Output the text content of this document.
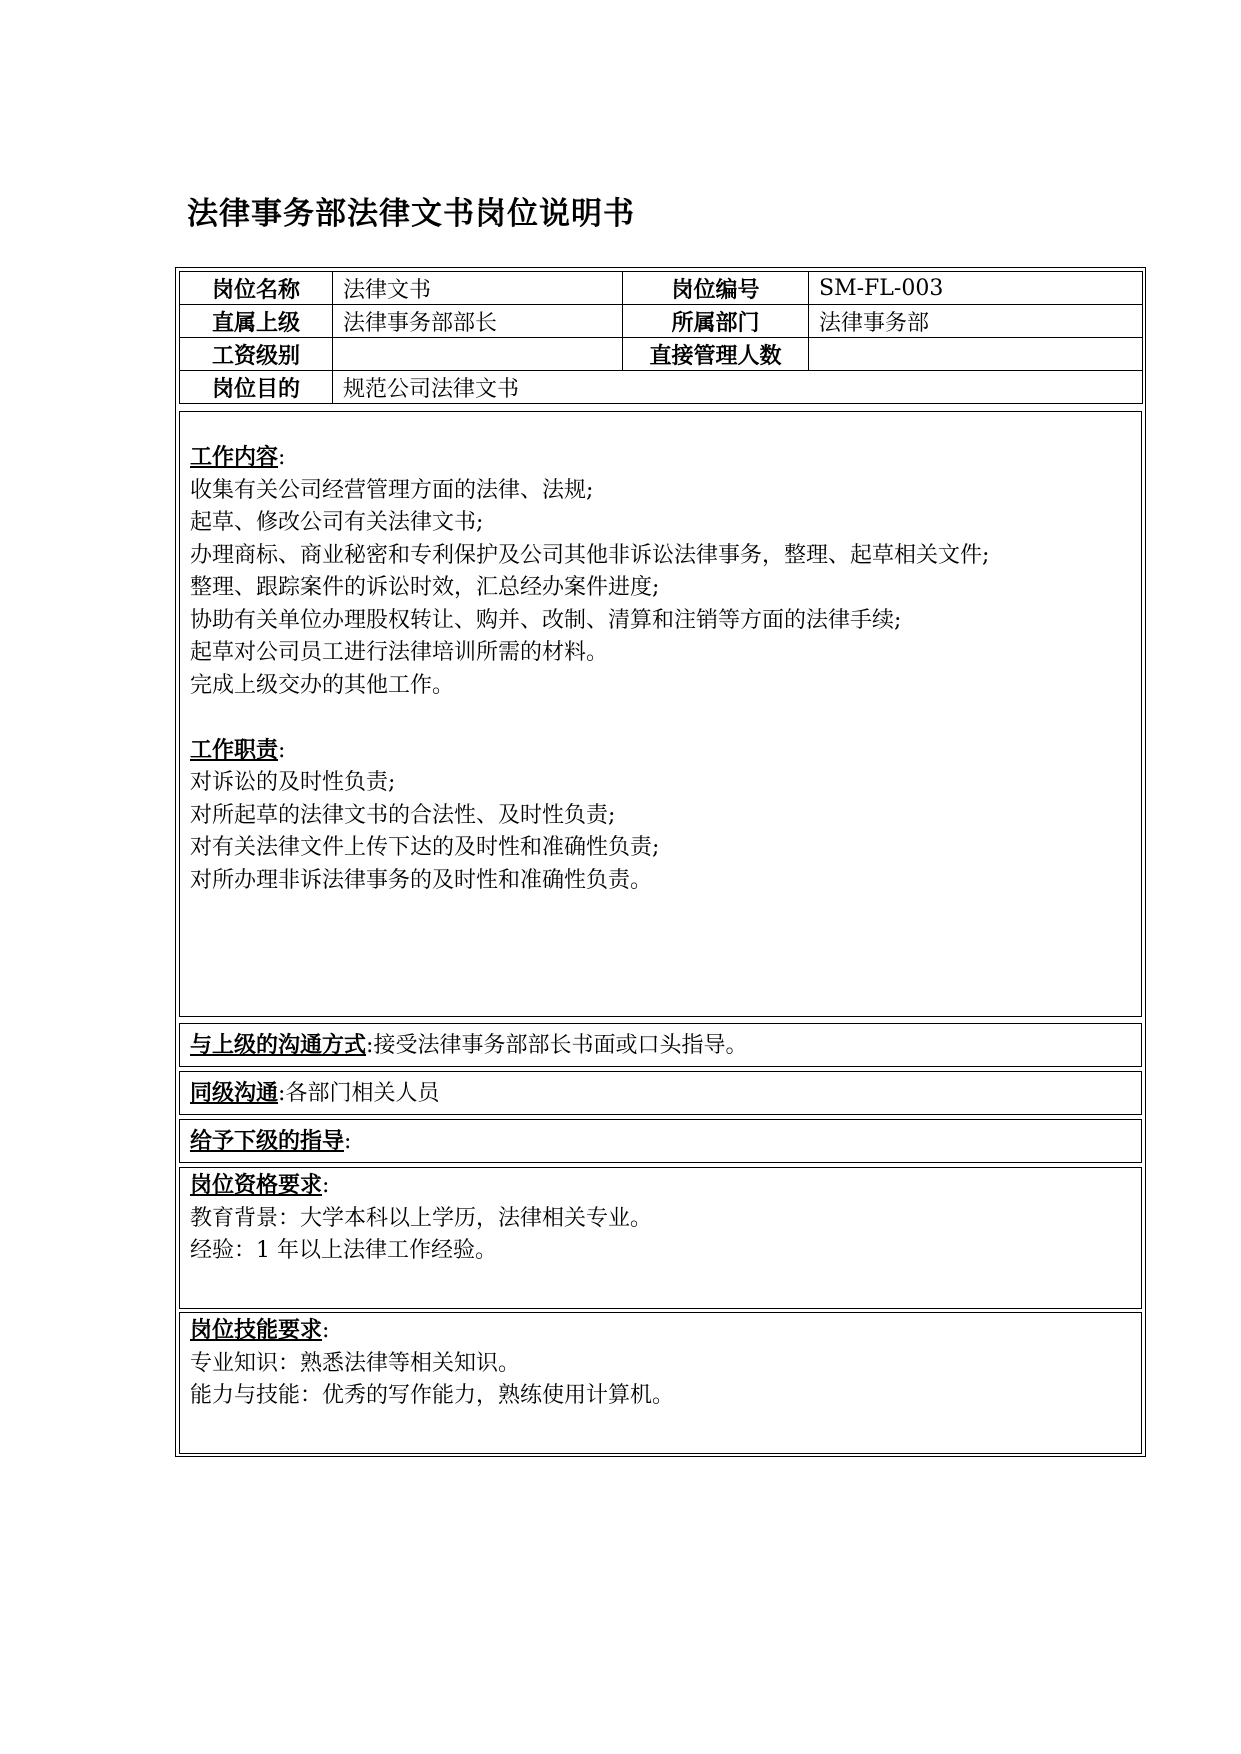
法律事务部法律文书岗位说明书
岗位名称	法律文书	岗位编号	SM-FL-003
直属上级	法律事务部部长	所属部门	法律事务部
工资级别		直接管理人数	
岗位目的	规范公司法律文书		
工作内容:
收集有关公司经营管理方面的法律、法规;
起草、修改公司有关法律文书;
办理商标、商业秘密和专利保护及公司其他非诉讼法律事务，整理、起草相关文件;
整理、跟踪案件的诉讼时效，汇总经办案件进度;
协助有关单位办理股权转让、购并、改制、清算和注销等方面的法律手续;
起草对公司员工进行法律培训所需的材料。
完成上级交办的其他工作。
工作职责:
对诉讼的及时性负责;
对所起草的法律文书的合法性、及时性负责;
对有关法律文件上传下达的及时性和准确性负责;
对所办理非诉法律事务的及时性和准确性负责。
与上级的沟通方式:接受法律事务部部长书面或口头指导。
同级沟通:各部门相关人员
给予下级的指导:
岗位资格要求:
教育背景：大学本科以上学历，法律相关专业。
经验：1 年以上法律工作经验。
岗位技能要求:
专业知识：熟悉法律等相关知识。
能力与技能：优秀的写作能力，熟练使用计算机。
